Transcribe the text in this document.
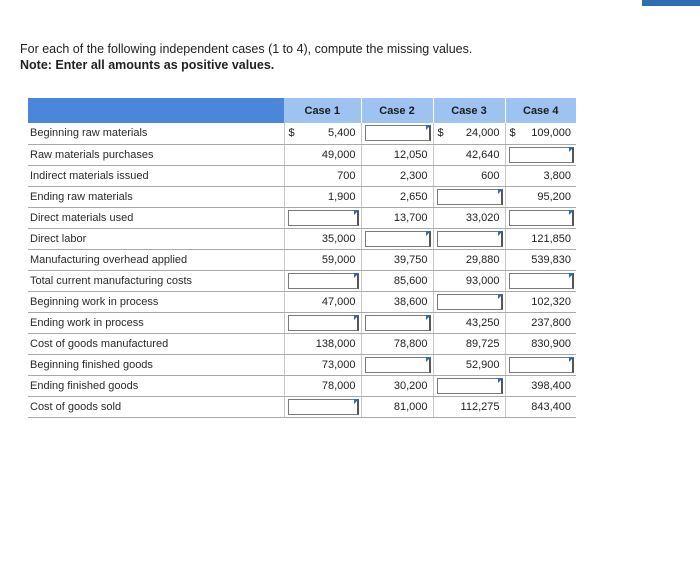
For each of the following independent cases (1 to 4), compute the missing values.
Note: Enter all amounts as positive values.
	Case 1	Case 2	Case 3	Case 4
Beginning raw materials	$ 5,400		$ 24,000	$ 109,000

Raw materials purchases	49,000	12,050	42,640	

Indirect materials issued	700	2,300	600	3,800

Ending raw materials	1,900	2,650		95,200

Direct materials used		13,700	33,020	

Direct labor	35,000			121,850

Manufacturing overhead applied	59,000	39,750	29,880	539,830

Total current manufacturing costs		85,600	93,000	

Beginning work in process	47,000	38,600		102,320

Ending work in process			43,250	237,800

Cost of goods manufactured	138,000	78,800	89,725	830,900

Beginning finished goods	73,000		52,900	

Ending finished goods	78,000	30,200		398,400

Cost of goods sold		81,000	112,275	843,400
